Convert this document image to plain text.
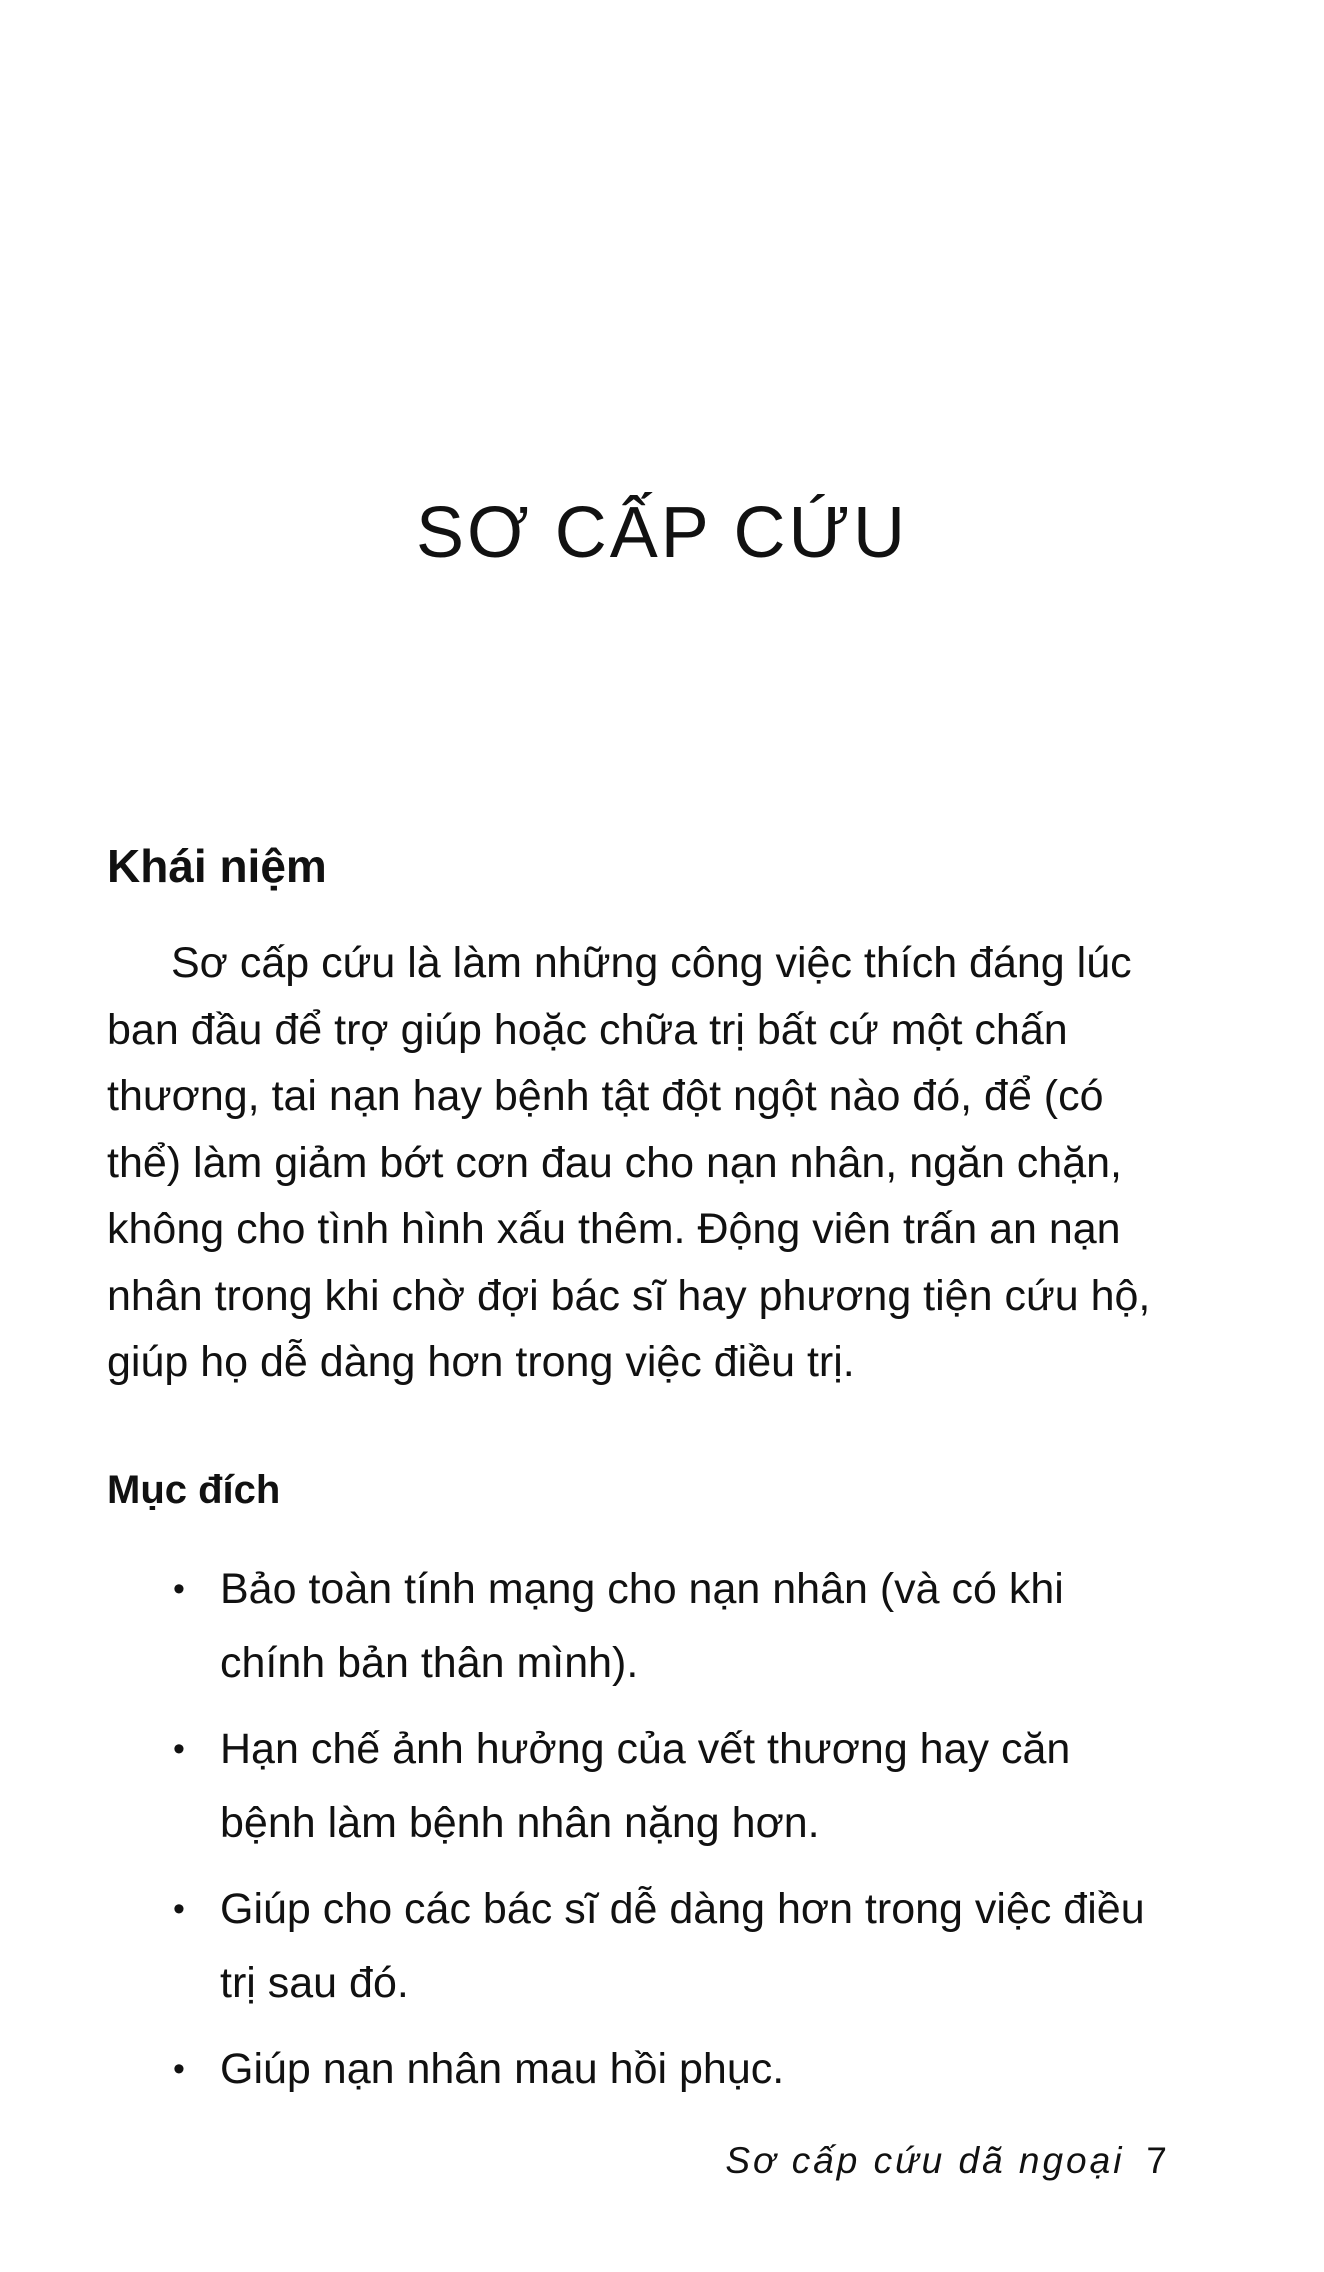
SƠ CẤP CỨU
Khái niệm

Sơ cấp cứu là làm những công việc thích đáng lúc
ban đầu để trợ giúp hoặc chữa trị bất cứ một chấn
thương, tai nạn hay bệnh tật đột ngột nào đó, để (có
thể) làm giảm bớt cơn đau cho nạn nhân, ngăn chặn,
không cho tình hình xấu thêm. Động viên trấn an nạn
nhân trong khi chờ đợi bác sĩ hay phương tiện cứu hộ,
giúp họ dễ dàng hơn trong việc điều trị.

Mục đích
• Bảo toàn tính mạng cho nạn nhân (và có khi
chính bản thân mình).
• Hạn chế ảnh hưởng của vết thương hay căn
bệnh làm bệnh nhân nặng hơn.
• Giúp cho các bác sĩ dễ dàng hơn trong việc điều
trị sau đó.
• Giúp nạn nhân mau hồi phục.
Sơ cấp cứu dã ngoại 7
